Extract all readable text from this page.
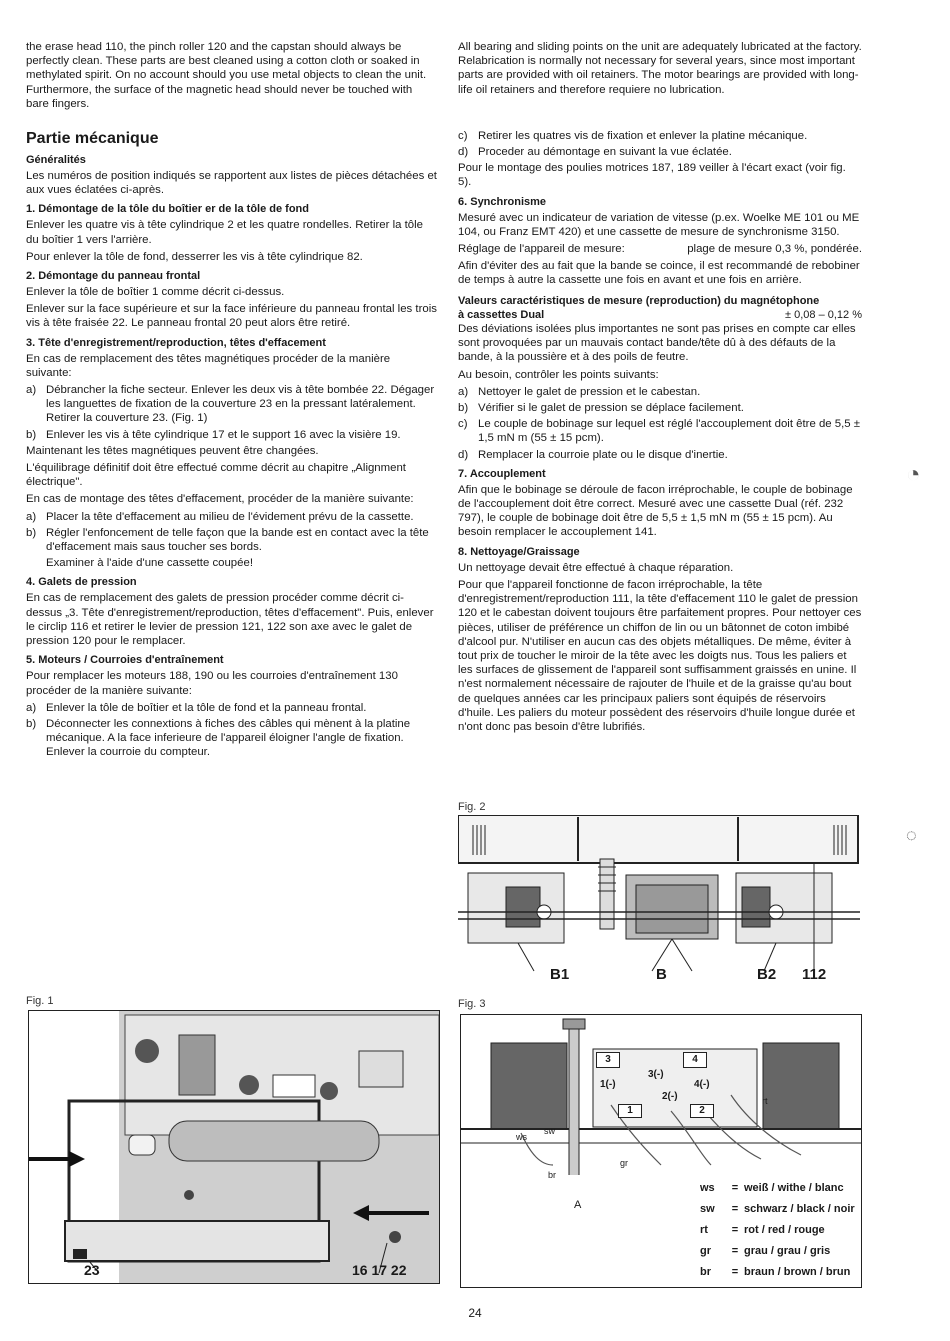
the erase head 110, the pinch roller 120 and the capstan should always be perfectly clean. These parts are best cleaned using a cotton cloth or soaked in methylated spirit. On no account should you use metal objects to clean the unit. Furthermore, the surface of the magnetic head should never be touched with bare fingers.

Partie mécanique
Généralités

Les numéros de position indiqués se rapportent aux listes de pièces détachées et aux vues éclatées ci-après.

1. Démontage de la tôle du boîtier er de la tôle de fond

Enlever les quatre vis à tête cylindrique 2 et les quatre rondelles. Retirer la tôle du boîtier 1 vers l'arrière.

Pour enlever la tôle de fond, desserrer les vis à tête cylindrique 82.

2. Démontage du panneau frontal

Enlever la tôle de boîtier 1 comme décrit ci-dessus.

Enlever sur la face supérieure et sur la face inférieure du panneau frontal les trois vis à tête fraisée 22. Le panneau frontal 20 peut alors être retiré.

3. Tête d'enregistrement/reproduction, têtes d'effacement

En cas de remplacement des têtes magnétiques procéder de la manière suivante:

a) Débrancher la fiche secteur. Enlever les deux vis à tête bombée 22. Dégager les languettes de fixation de la couverture 23 en la pressant latéralement. Retirer la couverture 23. (Fig. 1)
b) Enlever les vis à tête cylindrique 17 et le support 16 avec la visière 19.

Maintenant les têtes magnétiques peuvent être changées.

L'équilibrage définitif doit être effectué comme décrit au chapitre „Alignment électrique".

En cas de montage des têtes d'effacement, procéder de la manière suivante:

a) Placer la tête d'effacement au milieu de l'évidement prévu de la cassette.
b) Régler l'enfoncement de telle façon que la bande est en contact avec la tête d'effacement mais saus toucher ses bords.

Examiner à l'aide d'une cassette coupée!

4. Galets de pression

En cas de remplacement des galets de pression procéder comme décrit ci-dessus „3. Tête d'enregistrement/reproduction, têtes d'effacement". Puis, enlever le circlip 116 et retirer le levier de pression 121, 122 son axe avec le galet de pression 120 pour le remplacer.

5. Moteurs / Courroies d'entraînement

Pour remplacer les moteurs 188, 190 ou les courroies d'entraînement 130 procéder de la manière suivante:

a) Enlever la tôle de boîtier et la tôle de fond et la panneau frontal.
b) Déconnecter les connextions à fiches des câbles qui mènent à la platine mécanique. A la face inferieure de l'appareil éloigner l'angle de fixation. Enlever la courroie du compteur.

All bearing and sliding points on the unit are adequately lubricated at the factory. Relabrication is normally not necessary for several years, since most important parts are provided with oil retainers. The motor bearings are provided with long-life oil retainers and therefore requiere no lubrication.

c) Retirer les quatres vis de fixation et enlever la platine mécanique.
d) Proceder au démontage en suivant la vue éclatée.

Pour le montage des poulies motrices 187, 189 veiller à l'écart exact (voir fig. 5).

6. Synchronisme

Mesuré avec un indicateur de variation de vitesse (p.ex. Woelke ME 101 ou ME 104, ou Franz EMT 420) et une cassette de mesure de synchronisme 3150.

Réglage de l'appareil de mesure:	plage de mesure 0,3 %, pondérée.

Afin d'éviter des au fait que la bande se coince, il est recommandé de rebobiner de temps à autre la cassette une fois en avant et une fois en arrière.

Valeurs caractéristiques de mesure (reproduction) du magnétophone
à cassettes Dual	± 0,08 – 0,12 %

Des déviations isolées plus importantes ne sont pas prises en compte car elles sont provoquées par un mauvais contact bande/tête dû à des défauts de la bande, à la poussière et à des poils de feutre.

Au besoin, contrôler les points suivants:

a) Nettoyer le galet de pression et le cabestan.
b) Vérifier si le galet de pression se déplace facilement.
c) Le couple de bobinage sur lequel est réglé l'accouplement doit être de 5,5 ± 1,5 mN m (55 ± 15 pcm).
d) Remplacer la courroie plate ou le disque d'inertie.
7. Accouplement

Afin que le bobinage se déroule de facon irréprochable, le couple de bobinage de l'accouplement doit être correct. Mesuré avec une cassette Dual (réf. 232 797), le couple de bobinage doit être de 5,5 ± 1,5 mN m (55 ± 15 pcm). Au besoin remplacer le accouplement 141.

8. Nettoyage/Graissage

Un nettoyage devait être effectué à chaque réparation.

Pour que l'appareil fonctionne de facon irréprochable, la tête d'enregistrement/reproduction 111, la tête d'effacement 110 le galet de pression 120 et le cabestan doivent toujours être parfaitement propres. Pour nettoyer ces pièces, utiliser de préférence un chiffon de lin ou un bâtonnet de coton imbibé d'alcool pur. N'utiliser en aucun cas des objets métalliques. De même, éviter à tout prix de toucher le miroir de la tête avec les doigts nus. Tous les paliers et les surfaces de glissement de l'appareil sont suffisamment graissés en unine. Il n'est normalement nécessaire de rajouter de l'huile et de la graisse qu'au bout de quelques années car les principaux paliers sont équipés de réservoirs d'huile. Les paliers du moteur possèdent des réservoirs d'huile longue durée et n'ont donc pas besoin d'être lubrifiés.

◔
◌
Fig. 2
B1	B	B2 112
Fig. 1
23	16 17 22
Fig. 3
3	4
1(-)
3(-)
4(-)
2(-)
1	2
ws
sw
rt
gr
br
A
ws	= weiß / withe / blanc
sw	= schwarz / black / noir
rt	= rot / red / rouge
gr	= grau / grau / gris
br	= braun / brown / brun
24
